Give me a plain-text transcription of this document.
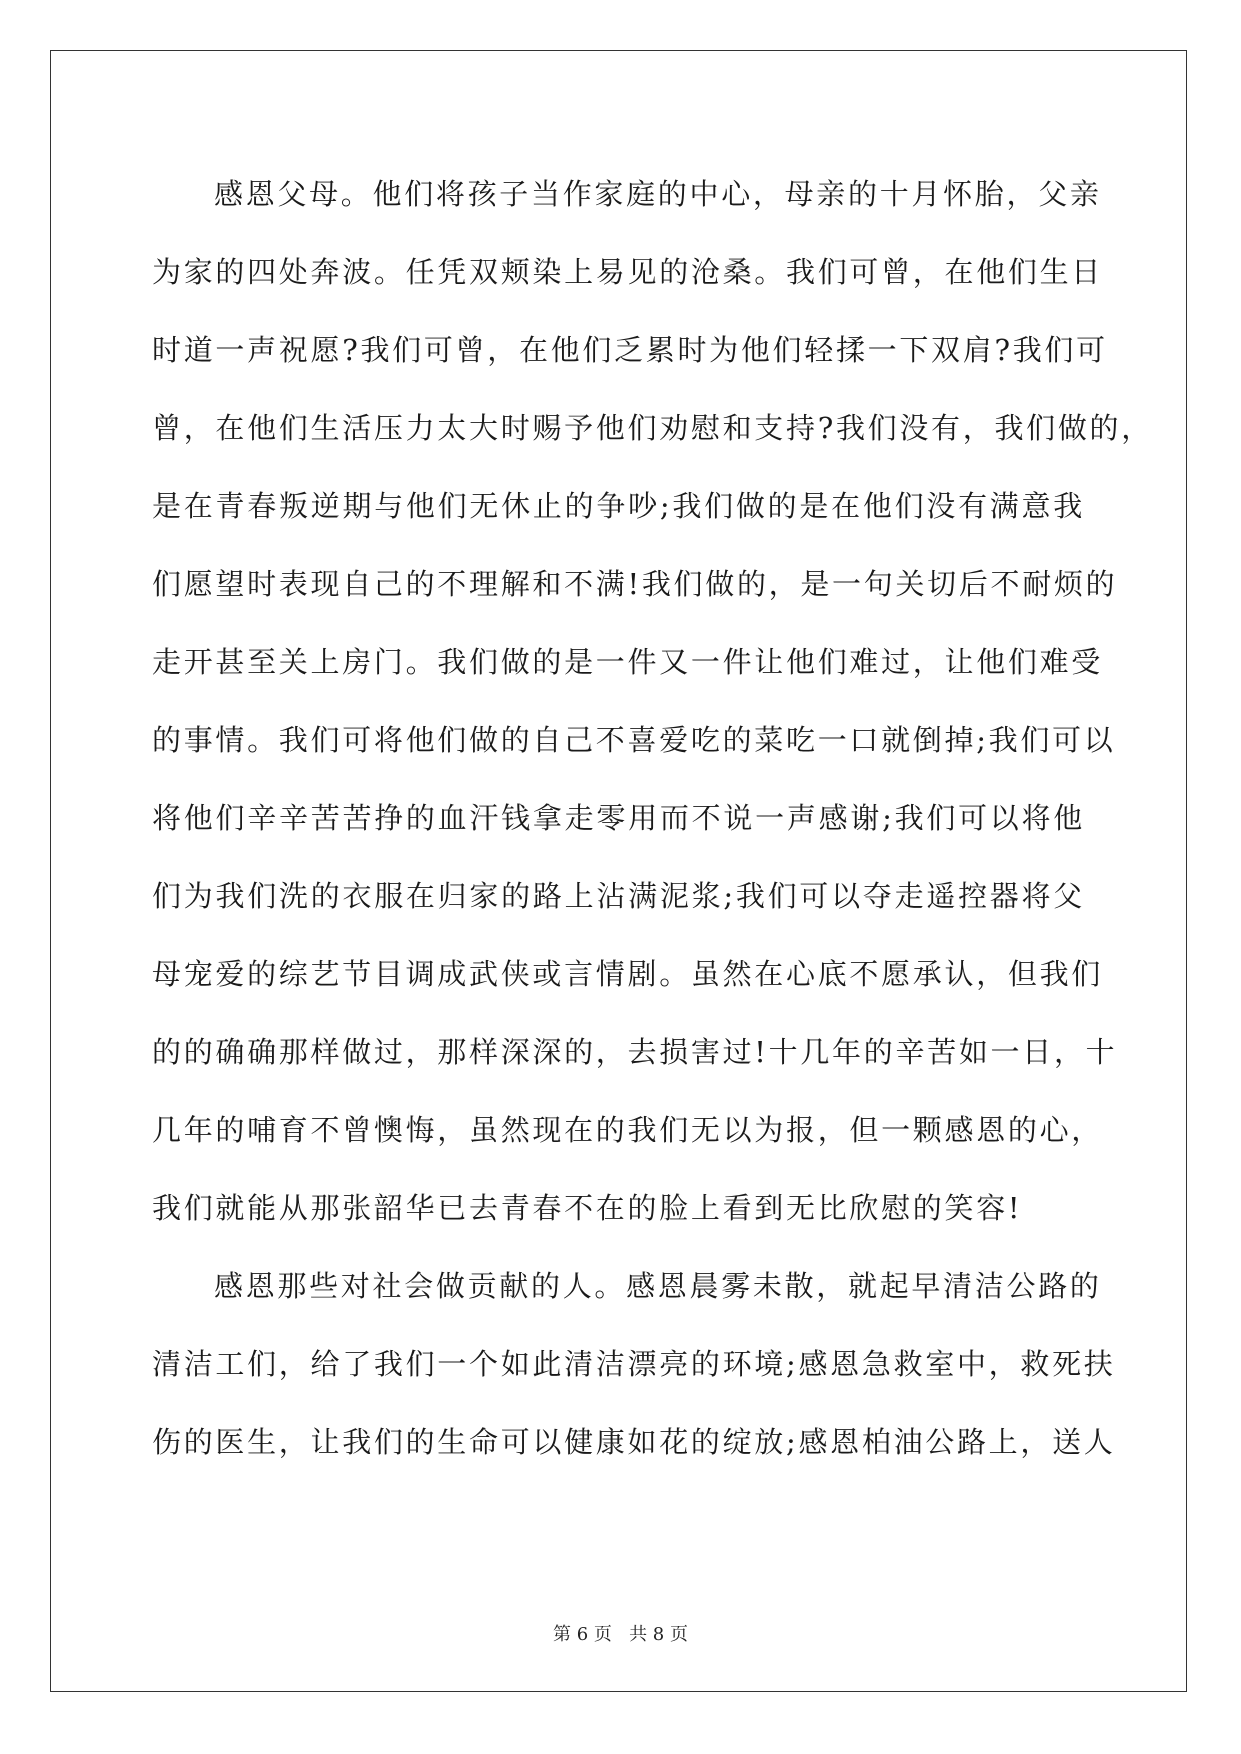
感恩父母。他们将孩子当作家庭的中心，母亲的十月怀胎，父亲
为家的四处奔波。任凭双颊染上易见的沧桑。我们可曾，在他们生日
时道一声祝愿?我们可曾，在他们乏累时为他们轻揉一下双肩?我们可
曾，在他们生活压力太大时赐予他们劝慰和支持?我们没有，我们做的，
是在青春叛逆期与他们无休止的争吵;我们做的是在他们没有满意我
们愿望时表现自己的不理解和不满!我们做的，是一句关切后不耐烦的
走开甚至关上房门。我们做的是一件又一件让他们难过，让他们难受
的事情。我们可将他们做的自己不喜爱吃的菜吃一口就倒掉;我们可以
将他们辛辛苦苦挣的血汗钱拿走零用而不说一声感谢;我们可以将他
们为我们洗的衣服在归家的路上沾满泥浆;我们可以夺走遥控器将父
母宠爱的综艺节目调成武侠或言情剧。虽然在心底不愿承认，但我们
的的确确那样做过，那样深深的，去损害过!十几年的辛苦如一日，十
几年的哺育不曾懊悔，虽然现在的我们无以为报，但一颗感恩的心，
我们就能从那张韶华已去青春不在的脸上看到无比欣慰的笑容!
感恩那些对社会做贡献的人。感恩晨雾未散，就起早清洁公路的
清洁工们，给了我们一个如此清洁漂亮的环境;感恩急救室中，救死扶
伤的医生，让我们的生命可以健康如花的绽放;感恩柏油公路上，送人
第 6 页   共 8 页
